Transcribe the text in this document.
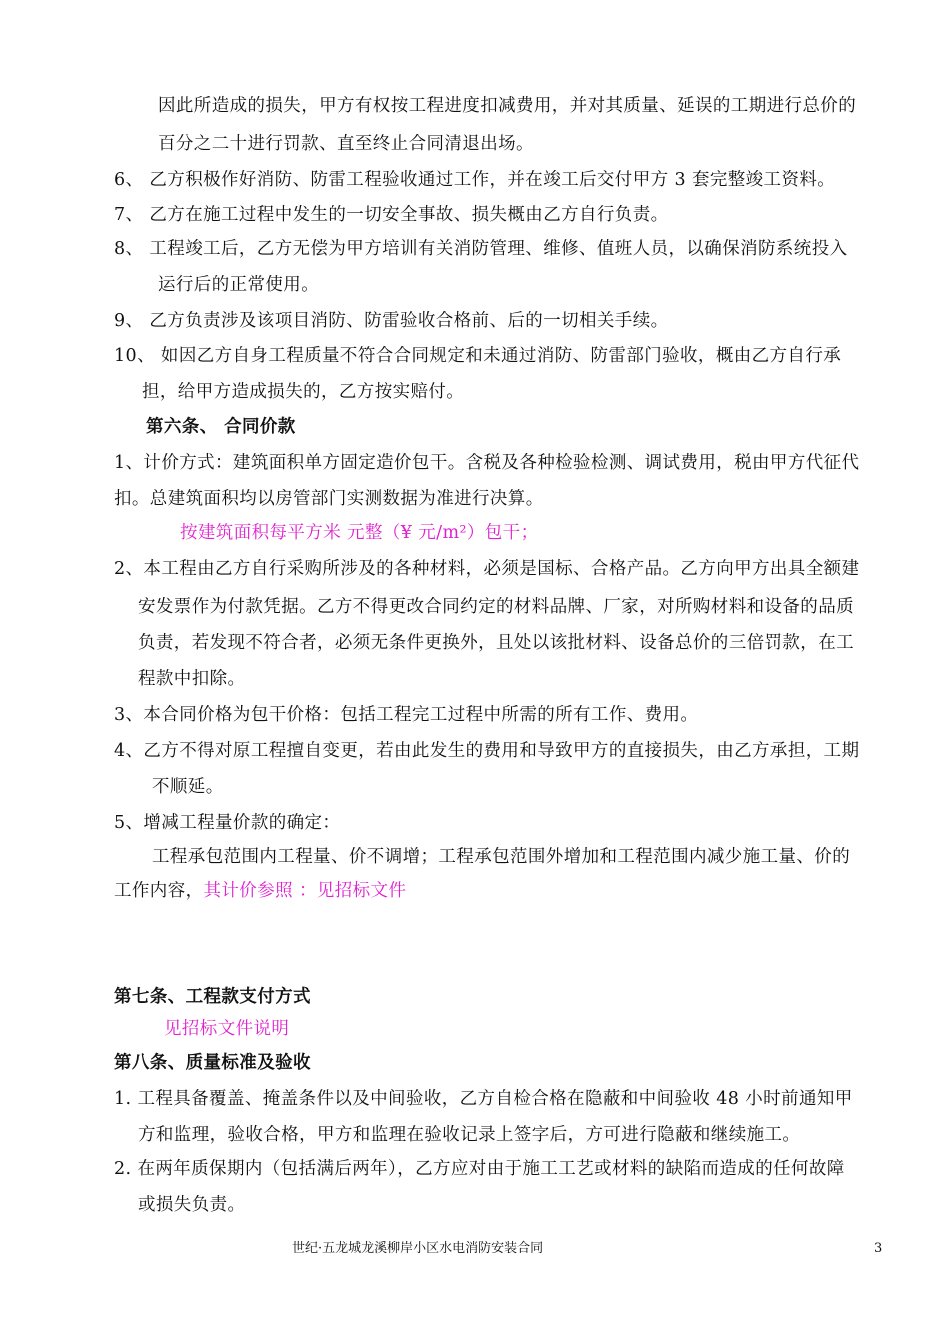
因此所造成的损失，甲方有权按工程进度扣减费用，并对其质量、延误的工期进行总价的
百分之二十进行罚款、直至终止合同清退出场。
6、 乙方积极作好消防、防雷工程验收通过工作，并在竣工后交付甲方 3 套完整竣工资料。
7、 乙方在施工过程中发生的一切安全事故、损失概由乙方自行负责。
8、 工程竣工后，乙方无偿为甲方培训有关消防管理、维修、值班人员，以确保消防系统投入
运行后的正常使用。
9、 乙方负责涉及该项目消防、防雷验收合格前、后的一切相关手续。
10、 如因乙方自身工程质量不符合合同规定和未通过消防、防雷部门验收，概由乙方自行承
担，给甲方造成损失的，乙方按实赔付。
第六条、 合同价款
1、计价方式：建筑面积单方固定造价包干。含税及各种检验检测、调试费用，税由甲方代征代
扣。总建筑面积均以房管部门实测数据为准进行决算。
按建筑面积每平方米 元整（¥ 元/m²）包干；
2、本工程由乙方自行采购所涉及的各种材料，必须是国标、合格产品。乙方向甲方出具全额建
安发票作为付款凭据。乙方不得更改合同约定的材料品牌、厂家，对所购材料和设备的品质
负责，若发现不符合者，必须无条件更换外，且处以该批材料、设备总价的三倍罚款，在工
程款中扣除。
3、本合同价格为包干价格：包括工程完工过程中所需的所有工作、费用。
4、乙方不得对原工程擅自变更，若由此发生的费用和导致甲方的直接损失，由乙方承担，工期
不顺延。
5、增减工程量价款的确定：
工程承包范围内工程量、价不调增；工程承包范围外增加和工程范围内减少施工量、价的
工作内容，其计价参照 ：见招标文件
第七条、工程款支付方式
见招标文件说明
第八条、质量标准及验收
1. 工程具备覆盖、掩盖条件以及中间验收，乙方自检合格在隐蔽和中间验收 48 小时前通知甲
方和监理，验收合格，甲方和监理在验收记录上签字后，方可进行隐蔽和继续施工。
2. 在两年质保期内（包括满后两年），乙方应对由于施工工艺或材料的缺陷而造成的任何故障
或损失负责。
世纪·五龙城龙溪柳岸小区水电消防安装合同	3
